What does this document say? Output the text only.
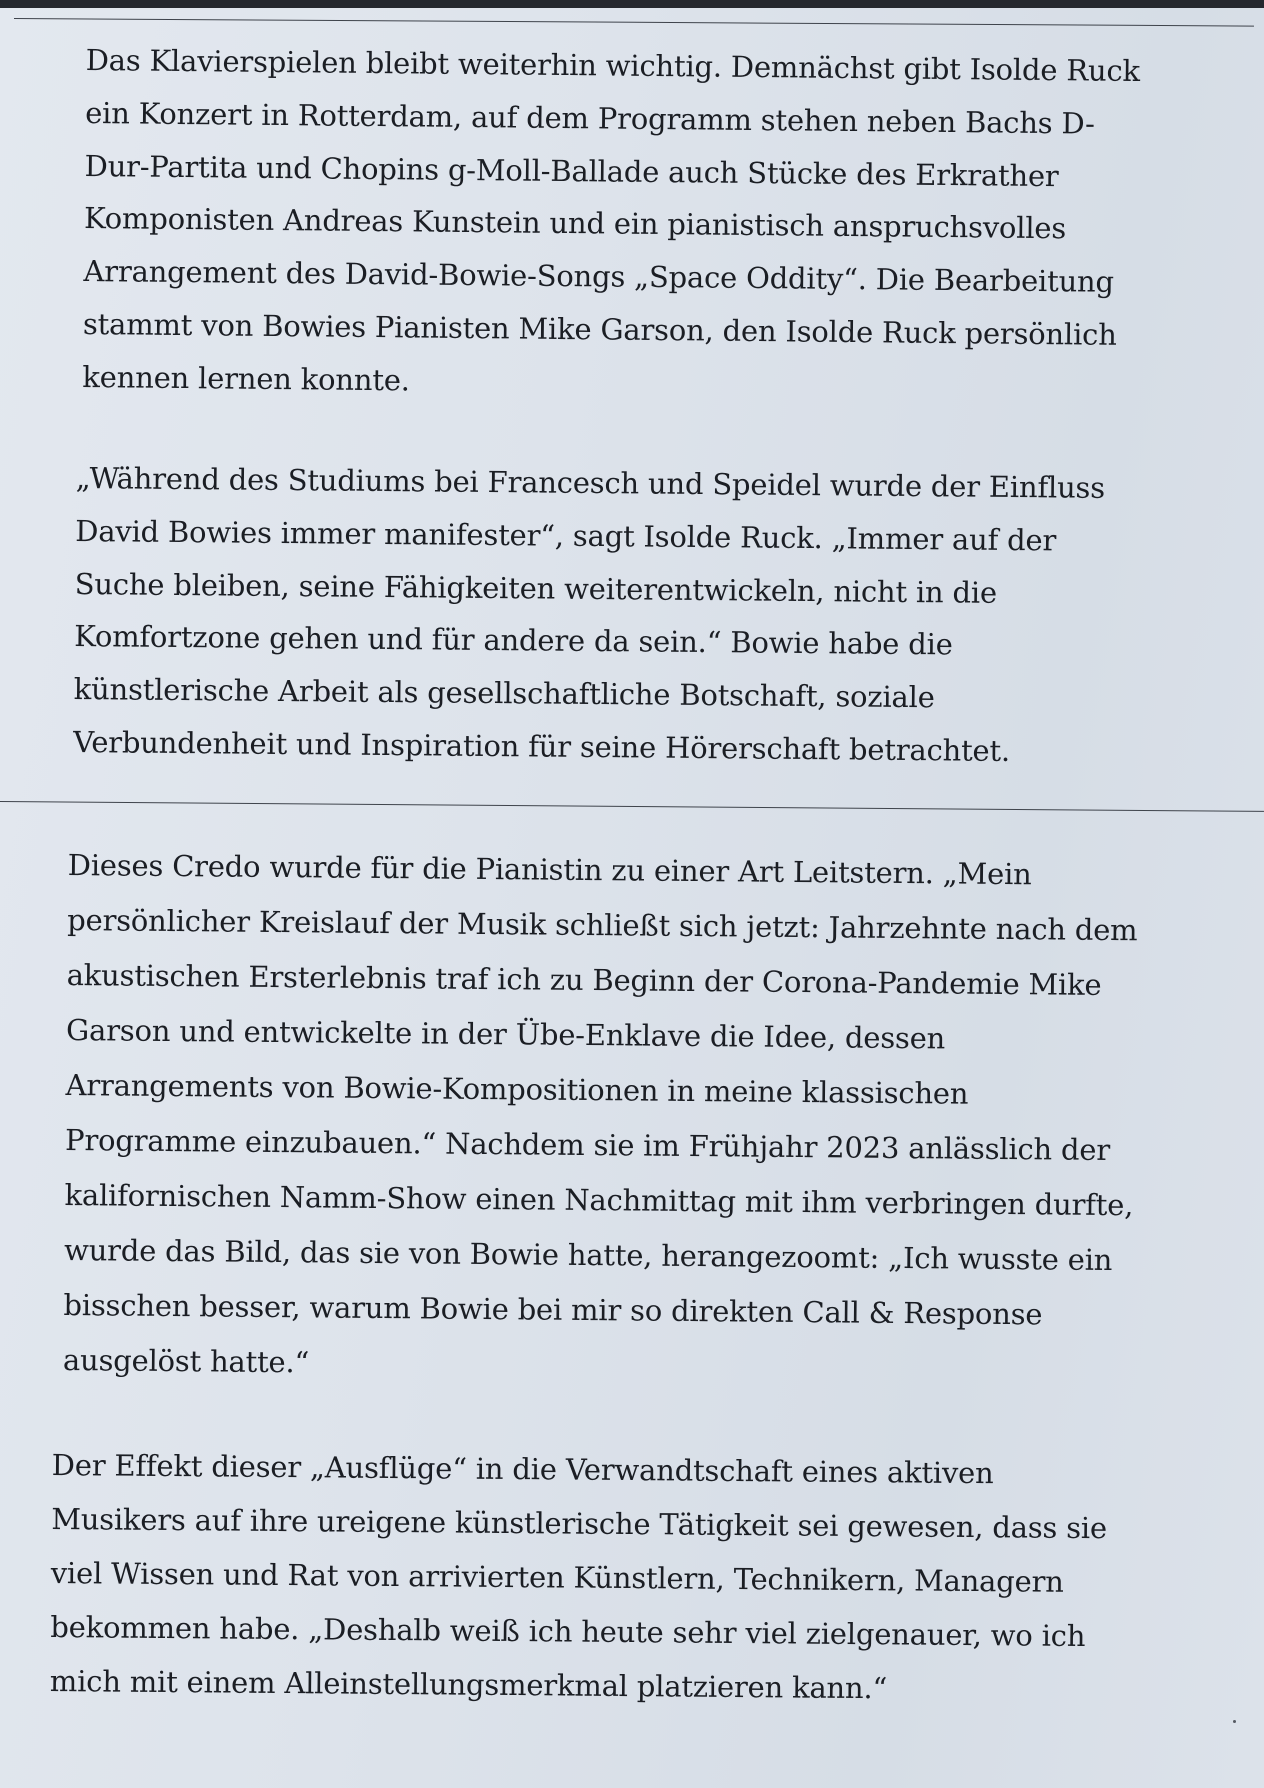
Das Klavierspielen bleibt weiterhin wichtig. Demnächst gibt Isolde Ruck
ein Konzert in Rotterdam, auf dem Programm stehen neben Bachs D-
Dur-Partita und Chopins g-Moll-Ballade auch Stücke des Erkrather
Komponisten Andreas Kunstein und ein pianistisch anspruchsvolles
Arrangement des David-Bowie-Songs „Space Oddity“. Die Bearbeitung
stammt von Bowies Pianisten Mike Garson, den Isolde Ruck persönlich
kennen lernen konnte.

„Während des Studiums bei Francesch und Speidel wurde der Einfluss
David Bowies immer manifester“, sagt Isolde Ruck. „Immer auf der
Suche bleiben, seine Fähigkeiten weiterentwickeln, nicht in die
Komfortzone gehen und für andere da sein.“ Bowie habe die
künstlerische Arbeit als gesellschaftliche Botschaft, soziale
Verbundenheit und Inspiration für seine Hörerschaft betrachtet.

Dieses Credo wurde für die Pianistin zu einer Art Leitstern. „Mein
persönlicher Kreislauf der Musik schließt sich jetzt: Jahrzehnte nach dem
akustischen Ersterlebnis traf ich zu Beginn der Corona-Pandemie Mike
Garson und entwickelte in der Übe-Enklave die Idee, dessen
Arrangements von Bowie-Kompositionen in meine klassischen
Programme einzubauen.“ Nachdem sie im Frühjahr 2023 anlässlich der
kalifornischen Namm-Show einen Nachmittag mit ihm verbringen durfte,
wurde das Bild, das sie von Bowie hatte, herangezoomt: „Ich wusste ein
bisschen besser, warum Bowie bei mir so direkten Call & Response
ausgelöst hatte.“

Der Effekt dieser „Ausflüge“ in die Verwandtschaft eines aktiven
Musikers auf ihre ureigene künstlerische Tätigkeit sei gewesen, dass sie
viel Wissen und Rat von arrivierten Künstlern, Technikern, Managern
bekommen habe. „Deshalb weiß ich heute sehr viel zielgenauer, wo ich
mich mit einem Alleinstellungsmerkmal platzieren kann.“
